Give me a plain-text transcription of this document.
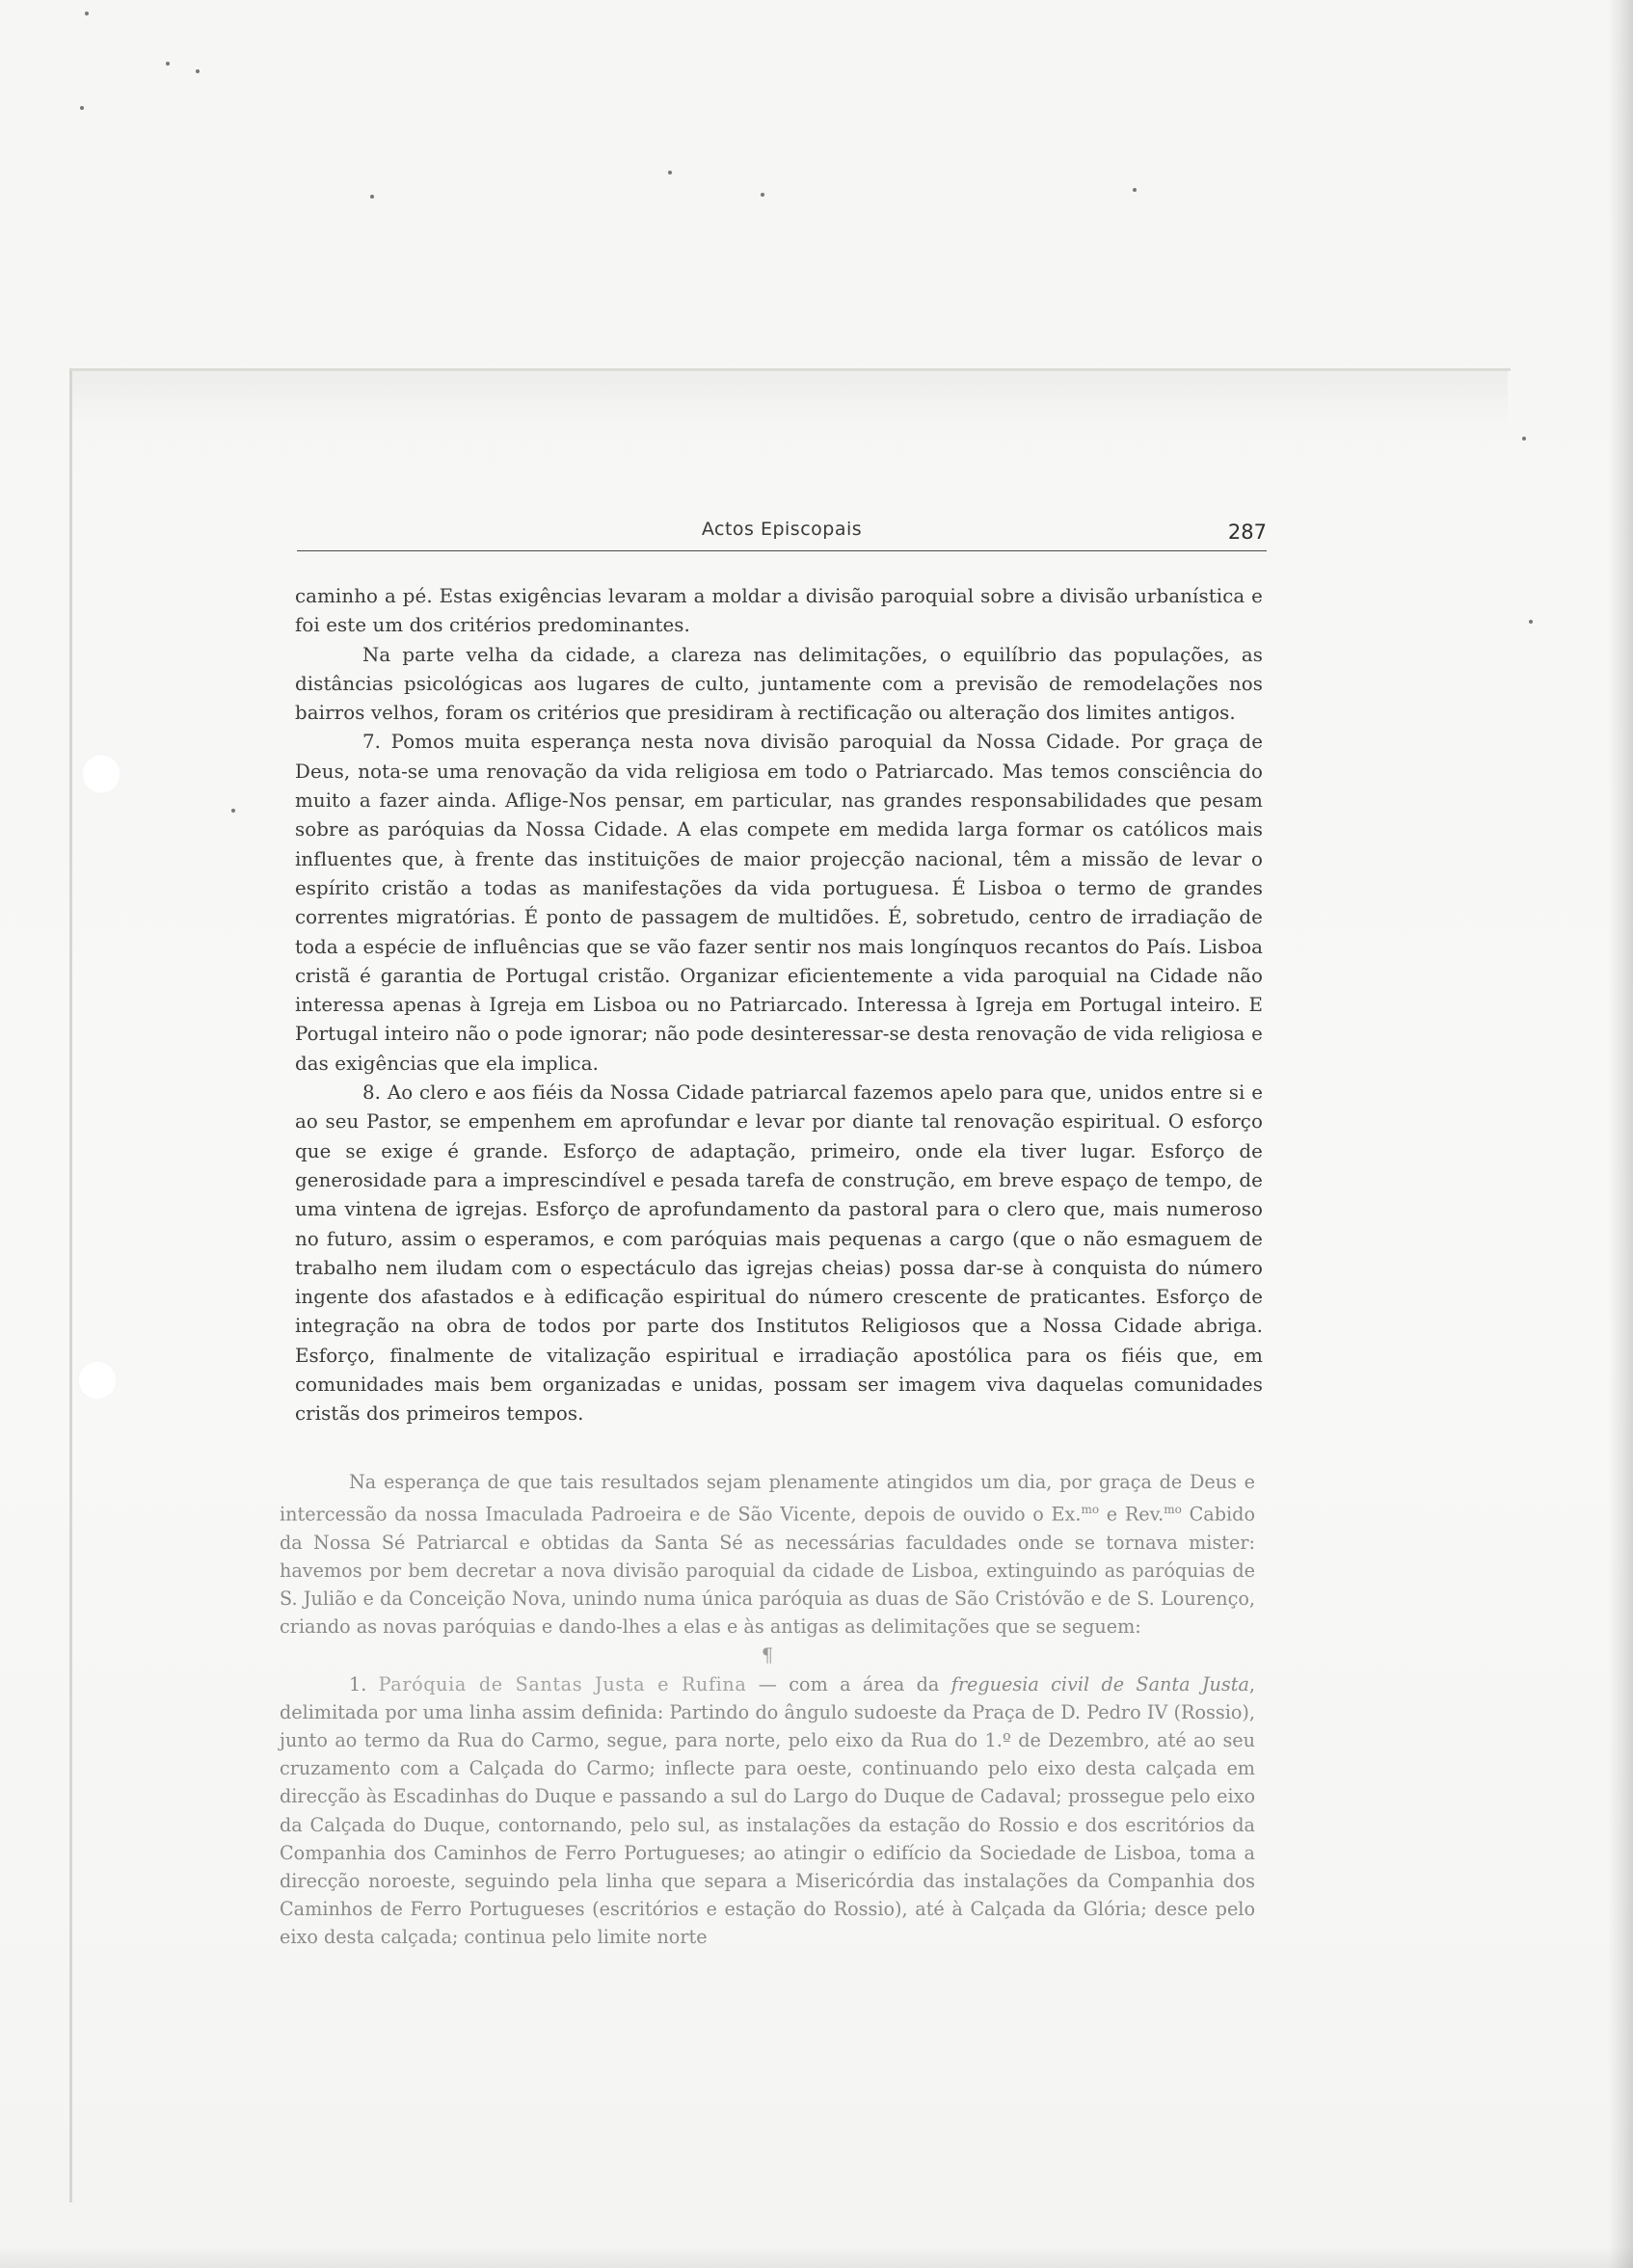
Actos Episcopais	287

caminho a pé. Estas exigências levaram a moldar a divisão paroquial sobre a divisão urbanística e foi este um dos critérios predominantes.

Na parte velha da cidade, a clareza nas delimitações, o equilíbrio das populações, as distâncias psicológicas aos lugares de culto, juntamente com a previsão de remodelações nos bairros velhos, foram os critérios que presidiram à rectificação ou alteração dos limites antigos.

7. Pomos muita esperança nesta nova divisão paroquial da Nossa Cidade. Por graça de Deus, nota-se uma renovação da vida religiosa em todo o Patriarcado. Mas temos consciência do muito a fazer ainda. Aflige-Nos pensar, em particular, nas grandes responsabilidades que pesam sobre as paróquias da Nossa Cidade. A elas compete em medida larga formar os católicos mais influentes que, à frente das instituições de maior projecção nacional, têm a missão de levar o espírito cristão a todas as manifestações da vida portuguesa. É Lisboa o termo de grandes correntes migratórias. É ponto de passagem de multidões. É, sobretudo, centro de irradiação de toda a espécie de influências que se vão fazer sentir nos mais longínquos recantos do País. Lisboa cristã é garantia de Portugal cristão. Organizar eficientemente a vida paroquial na Cidade não interessa apenas à Igreja em Lisboa ou no Patriarcado. Interessa à Igreja em Portugal inteiro. E Portugal inteiro não o pode ignorar; não pode desinteressar-se desta renovação de vida religiosa e das exigências que ela implica.

8. Ao clero e aos fiéis da Nossa Cidade patriarcal fazemos apelo para que, unidos entre si e ao seu Pastor, se empenhem em aprofundar e levar por diante tal renovação espiritual. O esforço que se exige é grande. Esforço de adaptação, primeiro, onde ela tiver lugar. Esforço de generosidade para a imprescindível e pesada tarefa de construção, em breve espaço de tempo, de uma vintena de igrejas. Esforço de aprofundamento da pastoral para o clero que, mais numeroso no futuro, assim o esperamos, e com paróquias mais pequenas a cargo (que o não esmaguem de trabalho nem iludam com o espectáculo das igrejas cheias) possa dar-se à conquista do número ingente dos afastados e à edificação espiritual do número crescente de praticantes. Esforço de integração na obra de todos por parte dos Institutos Religiosos que a Nossa Cidade abriga. Esforço, finalmente de vitalização espiritual e irradiação apostólica para os fiéis que, em comunidades mais bem organizadas e unidas, possam ser imagem viva daquelas comunidades cristãs dos primeiros tempos.

Na esperança de que tais resultados sejam plenamente atingidos um dia, por graça de Deus e intercessão da nossa Imaculada Padroeira e de São Vicente, depois de ouvido o Ex.$^{mo}$ e Rev.$^{mo}$ Cabido da Nossa Sé Patriarcal e obtidas da Santa Sé as necessárias faculdades onde se tornava mister: havemos por bem decretar a nova divisão paroquial da cidade de Lisboa, extinguindo as paróquias de S. Julião e da Conceição Nova, unindo numa única paróquia as duas de São Cristóvão e de S. Lourenço, criando as novas paróquias e dando-lhes a elas e às antigas as delimitações que se seguem:

¶

1. Paróquia de Santas Justa e Rufina — com a área da freguesia civil de Santa Justa, delimitada por uma linha assim definida: Partindo do ângulo sudoeste da Praça de D. Pedro IV (Rossio), junto ao termo da Rua do Carmo, segue, para norte, pelo eixo da Rua do 1.º de Dezembro, até ao seu cruzamento com a Calçada do Carmo; inflecte para oeste, continuando pelo eixo desta calçada em direcção às Escadinhas do Duque e passando a sul do Largo do Duque de Cadaval; prossegue pelo eixo da Calçada do Duque, contornando, pelo sul, as instalações da estação do Rossio e dos escritórios da Companhia dos Caminhos de Ferro Portugueses; ao atingir o edifício da Sociedade de Lisboa, toma a direcção noroeste, seguindo pela linha que separa a Misericórdia das instalações da Companhia dos Caminhos de Ferro Portugueses (escritórios e estação do Rossio), até à Calçada da Glória; desce pelo eixo desta calçada; continua pelo limite norte
